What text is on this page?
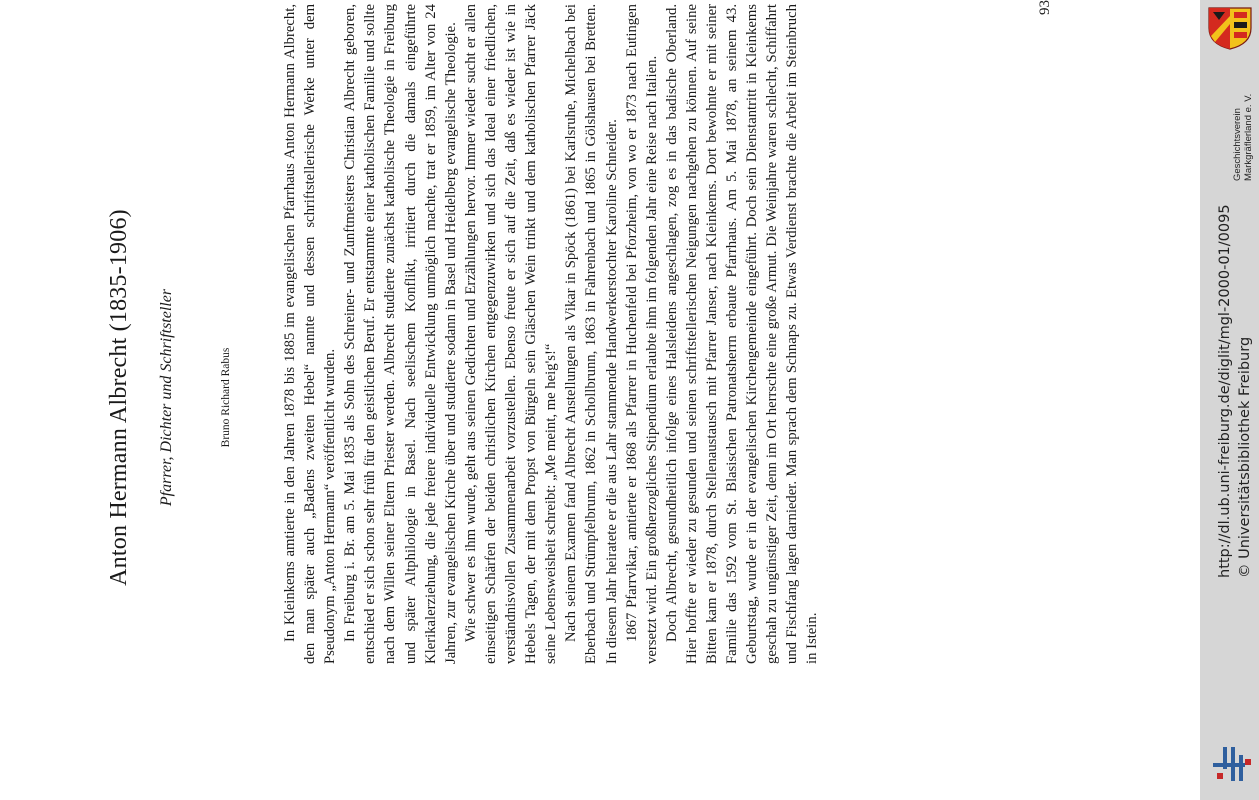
Anton Hermann Albrecht (1835-1906) Pfarrer, Dichter und Schriftsteller	Bruno Richard Rabus	In Kleinkems amtierte in den Jahren 1878 bis 1885 im evangelischen Pfarrhaus Anton Hermann Albrecht, den man später auch „Badens zweiten Hebel“ nannte und dessen schriftstellerische Werke unter dem Pseudonym „Anton Hermann“ veröffentlicht wurden. In Freiburg i. Br. am 5. Mai 1835 als Sohn des Schreiner- und Zunftmeisters Christian Albrecht geboren, entschied er sich schon sehr früh für den geistlichen Beruf. Er entstammte einer katholischen Familie und sollte nach dem Willen seiner Eltern Priester werden. Albrecht studierte zunächst katholische Theologie in Freiburg und später Altphilologie in Basel. Nach seelischem Konflikt, irritiert durch die damals eingeführte Klerikalerziehung, die jede freiere individuelle Entwicklung unmöglich machte, trat er 1859, im Alter von 24 Jahren, zur evangelischen Kirche über und studierte sodann in Basel und Heidelberg evangelische Theologie. Wie schwer es ihm wurde, geht aus seinen Gedichten und Erzählungen hervor. Immer wieder sucht er allen einseitigen Schärfen der beiden christlichen Kirchen entgegenzuwirken und sich das Ideal einer friedlichen, verständnisvollen Zusammenarbeit vorzustellen. Ebenso freute er sich auf die Zeit, daß es wieder ist wie in Hebels Tagen, der mit dem Propst von Bürgeln sein Gläschen Wein trinkt und dem katholischen Pfarrer Jäck seine Lebensweisheit schreibt: „Me meint, me heig's!“ Nach seinem Examen fand Albrecht Anstellungen als Vikar in Spöck (1861) bei Karlsruhe, Michelbach bei Eberbach und Strümpfelbrunn, 1862 in Schollbrunn, 1863 in Fahrenbach und 1865 in Gölshausen bei Bretten. In diesem Jahr heiratete er die aus Lahr stammende Handwerkerstochter Karoline Schneider. 1867 Pfarrvikar, amtierte er 1868 als Pfarrer in Huchenfeld bei Pforzheim, von wo er 1873 nach Eutingen versetzt wird. Ein großherzogliches Stipendium erlaubte ihm im folgenden Jahr eine Reise nach Italien. Doch Albrecht, gesundheitlich infolge eines Halsleidens angeschlagen, zog es in das badische Oberland. Hier hoffte er wieder zu gesunden und seinen schriftstellerischen Neigungen nachgehen zu können. Auf seine Bitten kam er 1878, durch Stellenaustausch mit Pfarrer Janser, nach Kleinkems. Dort bewohnte er mit seiner Familie das 1592 vom St. Blasischen Patronatsherrn erbaute Pfarrhaus. Am 5. Mai 1878, an seinem 43. Geburtstag, wurde er in der evangelischen Kirchengemeinde eingeführt. Doch sein Dienstantritt in Kleinkems geschah zu ungünstiger Zeit, denn im Ort herrschte eine große Armut. Die Weinjahre waren schlecht, Schiffahrt und Fischfang lagen darnieder. Man sprach dem Schnaps zu. Etwas Verdienst brachte die Arbeit im Steinbruch in Istein.

93
Geschichtsverein Markgräflerland e. V.
http://dl.ub.uni-freiburg.de/diglit/mgl-2000-01/0095 © Universitätsbibliothek Freiburg
